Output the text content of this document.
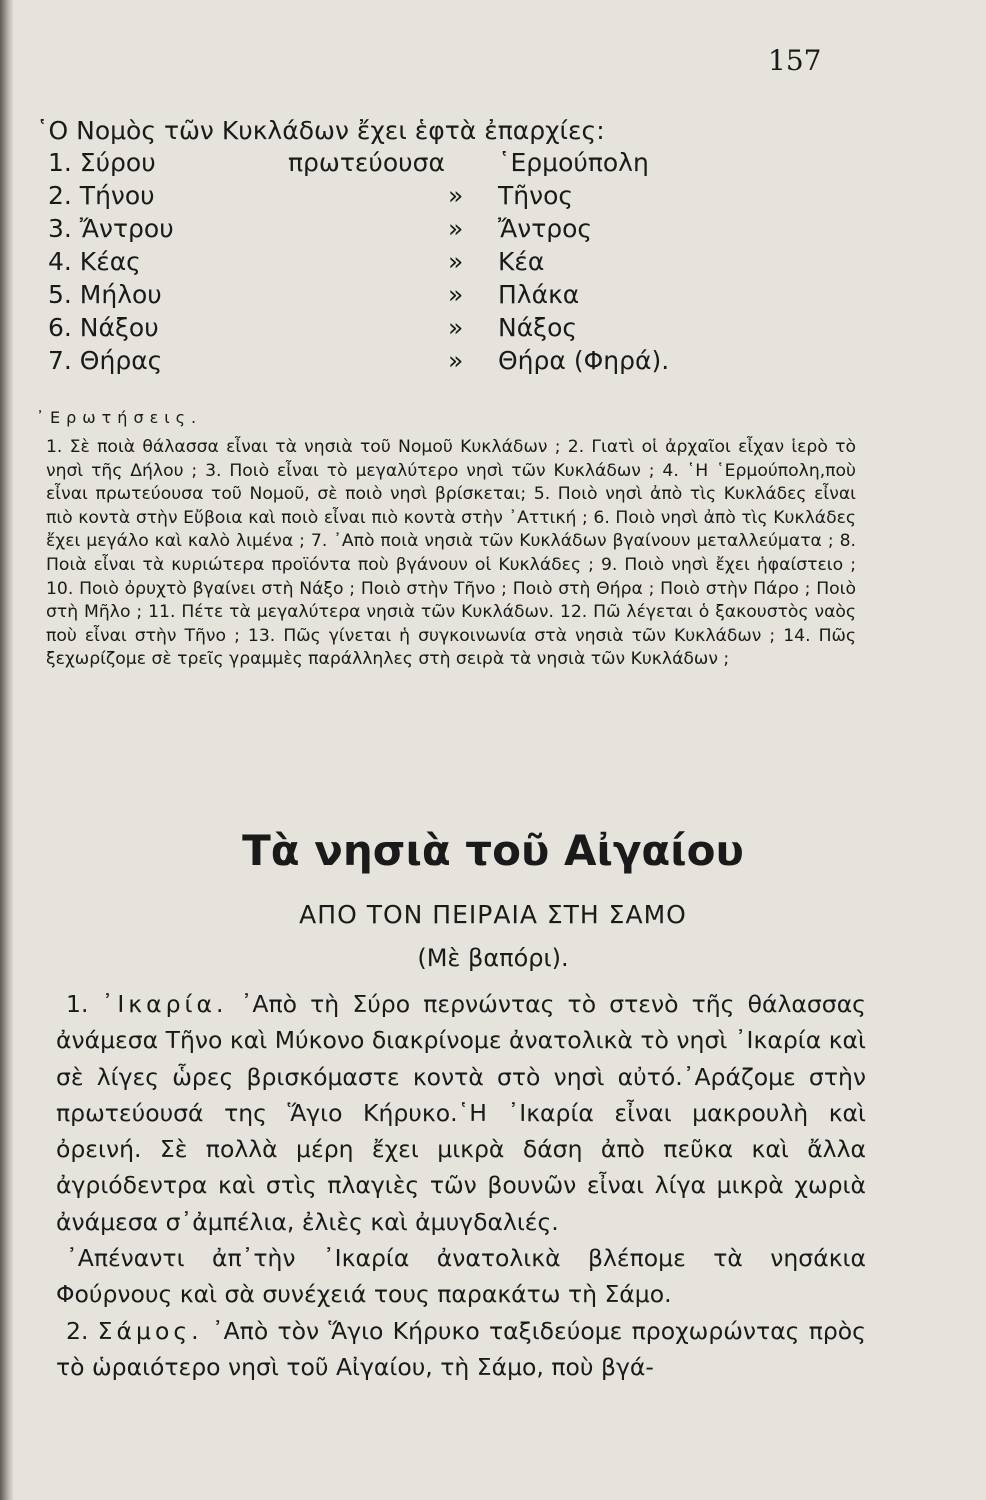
157
῾Ο Νομὸς τῶν Κυκλάδων ἔχει ἑφτὰ ἐπαρχίες:
1. Σύρου	πρωτεύουσα ῾Ερμούπολη
2. Τήνου	» Τῆνος
3. Ἄντρου	» Ἄντρος
4. Κέας	» Κέα
5. Μήλου	» Πλάκα
6. Νάξου	» Νάξος
7. Θήρας	» Θήρα (Φηρά).
᾿Ερωτήσεις.
1. Σὲ ποιὰ θάλασσα εἶναι τὰ νησιὰ τοῦ Νομοῦ Κυκλάδων ; 2. Γιατὶ οἱ ἀρχαῖοι εἶχαν ἱερὸ τὸ νησὶ τῆς Δήλου ; 3. Ποιὸ εἶναι τὸ μεγαλύτερο νησὶ τῶν Κυκλάδων ; 4. ῾Η ῾Ερμούπολη,ποὺ εἶναι πρωτεύουσα τοῦ Νομοῦ, σὲ ποιὸ νησὶ βρίσκεται; 5. Ποιὸ νησὶ ἀπὸ τὶς Κυκλάδες εἶναι πιὸ κοντὰ στὴν Εὔβοια καὶ ποιὸ εἶναι πιὸ κοντὰ στὴν ᾿Αττική ; 6. Ποιὸ νησὶ ἀπὸ τὶς Κυκλάδες ἔχει μεγάλο καὶ καλὸ λιμένα ; 7. ᾿Απὸ ποιὰ νησιὰ τῶν Κυκλάδων βγαίνουν μεταλλεύματα ; 8. Ποιὰ εἶναι τὰ κυριώτερα προϊόντα ποὺ βγάνουν οἱ Κυκλάδες ; 9. Ποιὸ νησὶ ἔχει ἡφαίστειο ; 10. Ποιὸ ὀρυχτὸ βγαίνει στὴ Νάξο ; Ποιὸ στὴν Τῆνο ; Ποιὸ στὴ Θήρα ; Ποιὸ στὴν Πάρο ; Ποιὸ στὴ Μῆλο ; 11. Πέτε τὰ μεγαλύτερα νησιὰ τῶν Κυκλάδων. 12. Πῶ λέγεται ὁ ξακουστὸς ναὸς ποὺ εἶναι στὴν Τῆνο ; 13. Πῶς γίνεται ἡ συγκοινωνία στὰ νησιὰ τῶν Κυκλάδων ; 14. Πῶς ξεχωρίζομε σὲ τρεῖς γραμμὲς παράλληλες στὴ σειρὰ τὰ νησιὰ τῶν Κυκλάδων ;
Τὰ νησιὰ τοῦ Αἰγαίου
ΑΠΟ ΤΟΝ ΠΕΙΡΑΙΑ ΣΤΗ ΣΑΜΟ
(Μὲ βαπόρι).

1. ᾿Ικαρία. ᾿Απὸ τὴ Σύρο περνώντας τὸ στενὸ τῆς θάλασσας ἀνάμεσα Τῆνο καὶ Μύκονο διακρίνομε ἀνατολικὰ τὸ νησὶ ᾿Ικαρία καὶ σὲ λίγες ὧρες βρισκόμαστε κοντὰ στὸ νησὶ αὐτό.᾿Αράζομε στὴν πρωτεύουσά της Ἅγιο Κήρυκο.῾Η ᾿Ικαρία εἶναι μακρουλὴ καὶ ὀρεινή. Σὲ πολλὰ μέρη ἔχει μικρὰ δάση ἀπὸ πεῦκα καὶ ἄλλα ἀγριόδεντρα καὶ στὶς πλαγιὲς τῶν βουνῶν εἶναι λίγα μικρὰ χωριὰ ἀνάμεσα σ᾿ἀμπέλια, ἐλιὲς καὶ ἀμυγδαλιές.

᾿Απέναντι ἀπ᾿τὴν ᾿Ικαρία ἀνατολικὰ βλέπομε τὰ νησάκια Φούρνους καὶ σὰ συνέχειά τους παρακάτω τὴ Σάμο.

2. Σάμος. ᾿Απὸ τὸν Ἅγιο Κήρυκο ταξιδεύομε προχωρώντας πρὸς τὸ ὡραιότερο νησὶ τοῦ Αἰγαίου, τὴ Σάμο, ποὺ βγά-
